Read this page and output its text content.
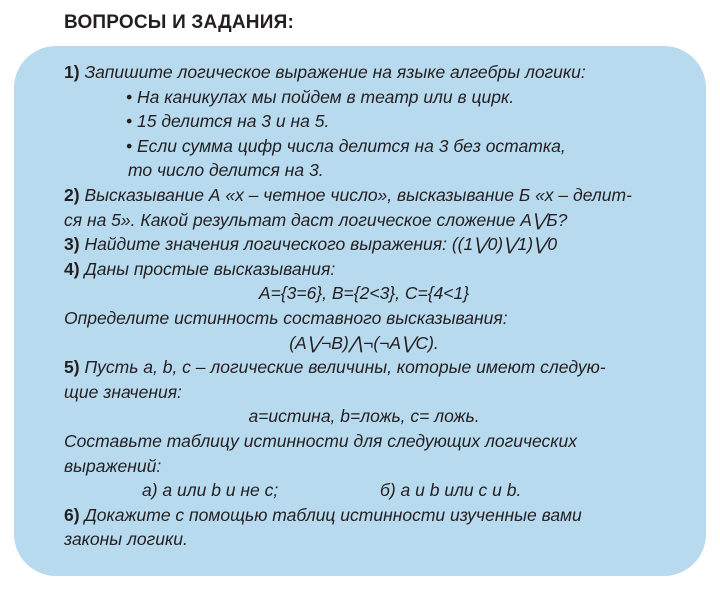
ВОПРОСЫ И ЗАДАНИЯ:
1) Запишите логическое выражение на языке алгебры логики:
• На каникулах мы пойдем в театр или в цирк.
• 15 делится на 3 и на 5.
• Если сумма цифр числа делится на 3 без остатка,
то число делится на 3.
2) Высказывание А «х – четное число», высказывание Б «х – делит-
ся на 5». Какой результат даст логическое сложение А⋁Б?
3) Найдите значения логического выражения: ((1⋁0)⋁1)⋁0
4) Даны простые высказывания:
А={3=6}, В={2<3}, С={4<1}
Определите истинность составного высказывания:
(А⋁¬В)⋀¬(¬А⋁С).
5) Пусть a, b, c – логические величины, которые имеют следую-
щие значения:
a=истина, b=ложь, c= ложь.
Составьте таблицу истинности для следующих логических
выражений:
а) a или b и не c;	б) a и b или c и b.
6) Докажите с помощью таблиц истинности изученные вами
законы логики.
